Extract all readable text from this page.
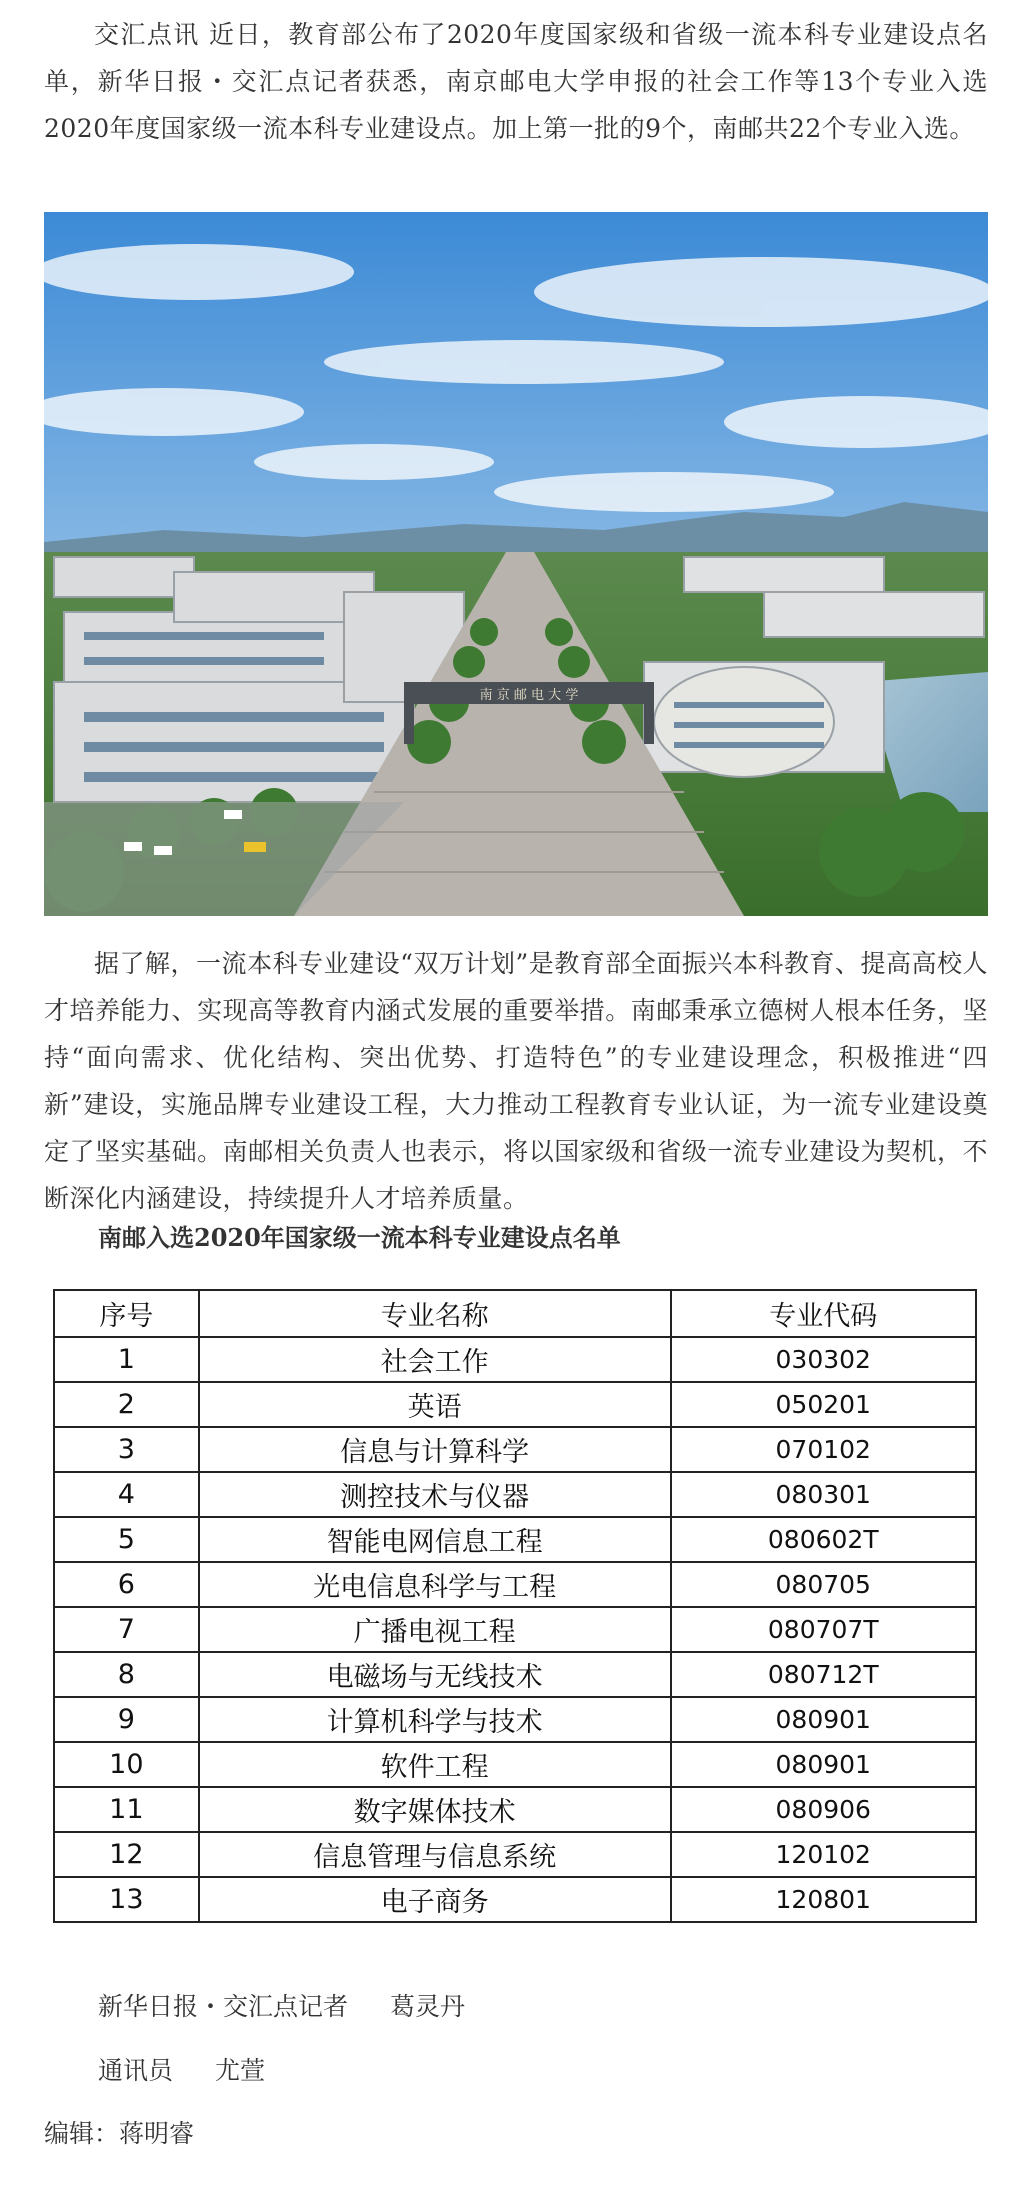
交汇点讯 近日，教育部公布了2020年度国家级和省级一流本科专业建设点名单，新华日报・交汇点记者获悉，南京邮电大学申报的社会工作等13个专业入选2020年度国家级一流本科专业建设点。加上第一批的9个，南邮共22个专业入选。

南 京 邮 电 大 学

据了解，一流本科专业建设“双万计划”是教育部全面振兴本科教育、提高高校人才培养能力、实现高等教育内涵式发展的重要举措。南邮秉承立德树人根本任务，坚持“面向需求、优化结构、突出优势、打造特色”的专业建设理念，积极推进“四新”建设，实施品牌专业建设工程，大力推动工程教育专业认证，为一流专业建设奠定了坚实基础。南邮相关负责人也表示，将以国家级和省级一流专业建设为契机，不断深化内涵建设，持续提升人才培养质量。

南邮入选2020年国家级一流本科专业建设点名单
序号	专业名称	专业代码
1	社会工作	030302
2	英语	050201
3	信息与计算科学	070102
4	测控技术与仪器	080301
5	智能电网信息工程	080602T
6	光电信息科学与工程	080705
7	广播电视工程	080707T
8	电磁场与无线技术	080712T
9	计算机科学与技术	080901
10	软件工程	080901
11	数字媒体技术	080906
12	信息管理与信息系统	120102
13	电子商务	120801
新华日报・交汇点记者 葛灵丹
通讯员 尤萱
编辑：蒋明睿
